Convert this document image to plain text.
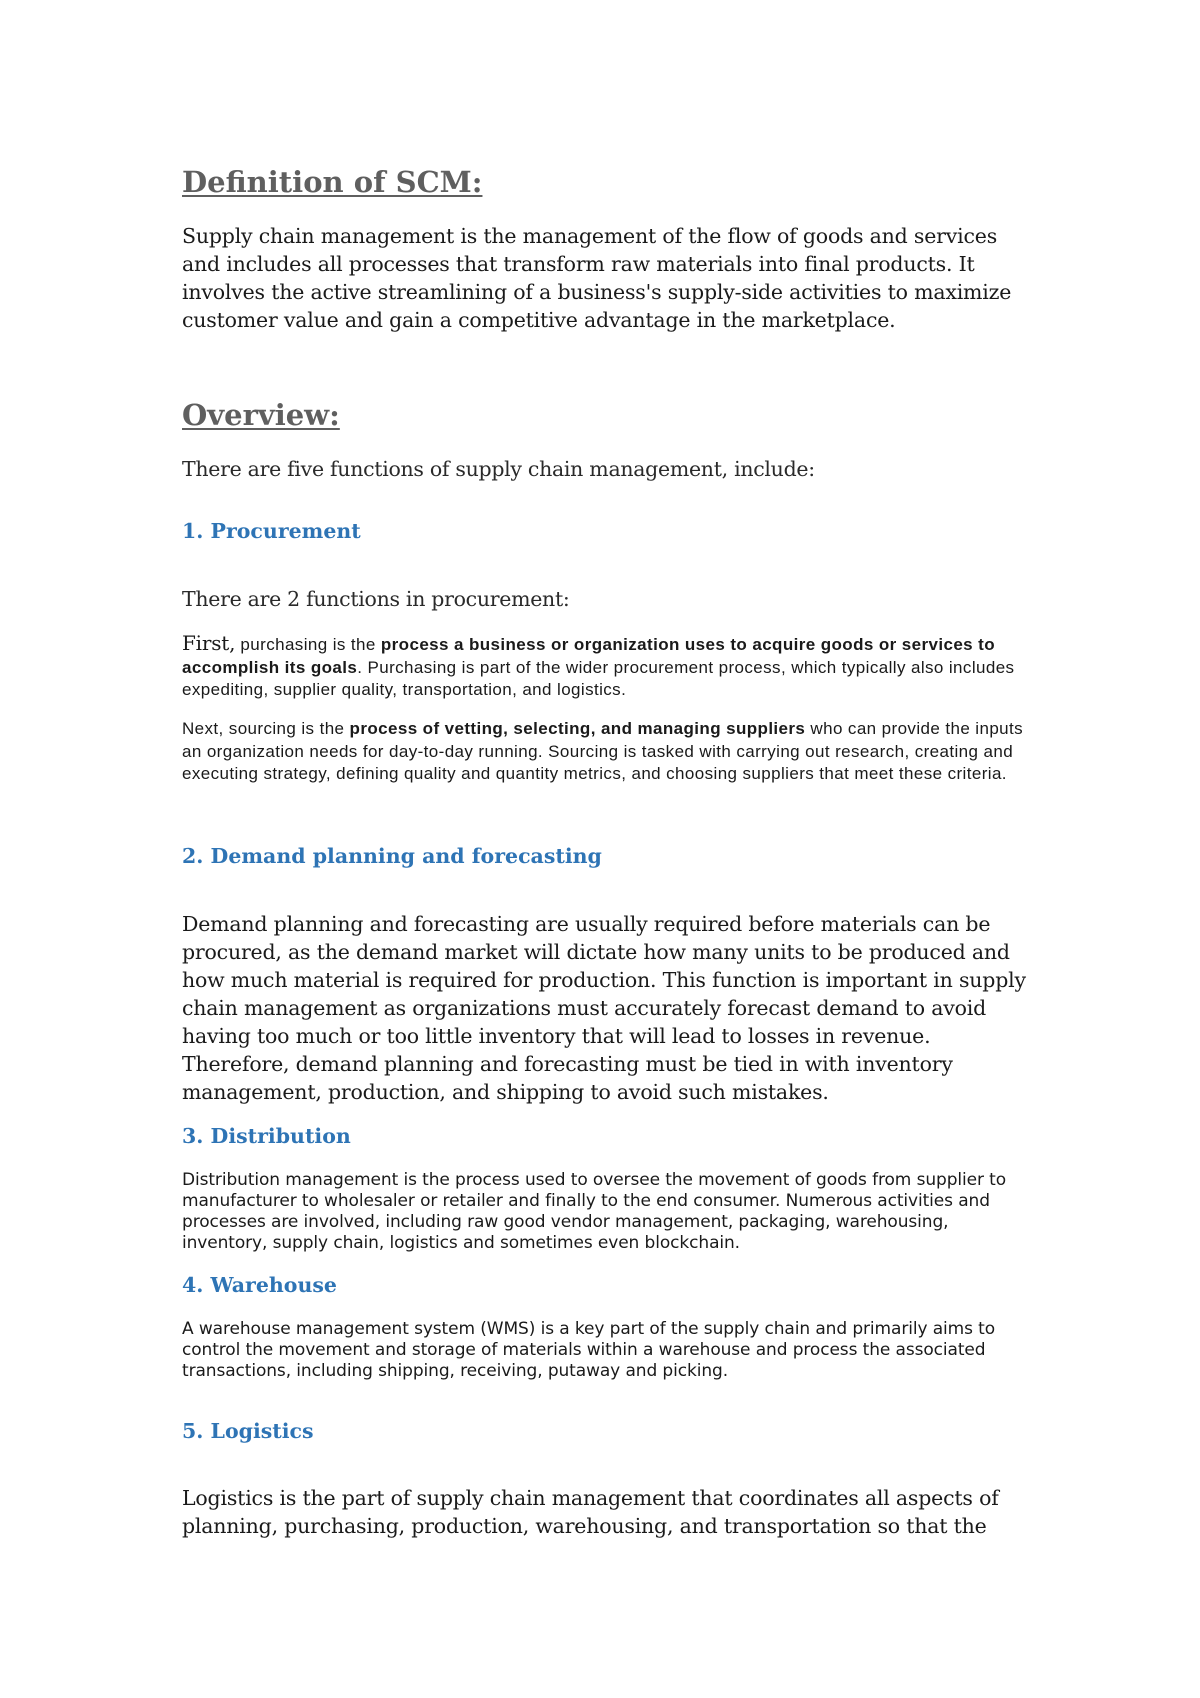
Definition of SCM:

Supply chain management is the management of the flow of goods and services and includes all processes that transform raw materials into final products. It involves the active streamlining of a business's supply-side activities to maximize customer value and gain a competitive advantage in the marketplace.

Overview:

There are five functions of supply chain management, include:

1. Procurement

There are 2 functions in procurement:

First, purchasing is the process a business or organization uses to acquire goods or services to accomplish its goals. Purchasing is part of the wider procurement process, which typically also includes expediting, supplier quality, transportation, and logistics.

Next, sourcing is the process of vetting, selecting, and managing suppliers who can provide the inputs an organization needs for day-to-day running. Sourcing is tasked with carrying out research, creating and executing strategy, defining quality and quantity metrics, and choosing suppliers that meet these criteria.

2. Demand planning and forecasting

Demand planning and forecasting are usually required before materials can be procured, as the demand market will dictate how many units to be produced and how much material is required for production. This function is important in supply chain management as organizations must accurately forecast demand to avoid having too much or too little inventory that will lead to losses in revenue. Therefore, demand planning and forecasting must be tied in with inventory management, production, and shipping to avoid such mistakes.

3. Distribution

Distribution management is the process used to oversee the movement of goods from supplier to manufacturer to wholesaler or retailer and finally to the end consumer. Numerous activities and processes are involved, including raw good vendor management, packaging, warehousing, inventory, supply chain, logistics and sometimes even blockchain.

4. Warehouse

A warehouse management system (WMS) is a key part of the supply chain and primarily aims to control the movement and storage of materials within a warehouse and process the associated transactions, including shipping, receiving, putaway and picking.

5. Logistics

Logistics is the part of supply chain management that coordinates all aspects of planning, purchasing, production, warehousing, and transportation so that the
